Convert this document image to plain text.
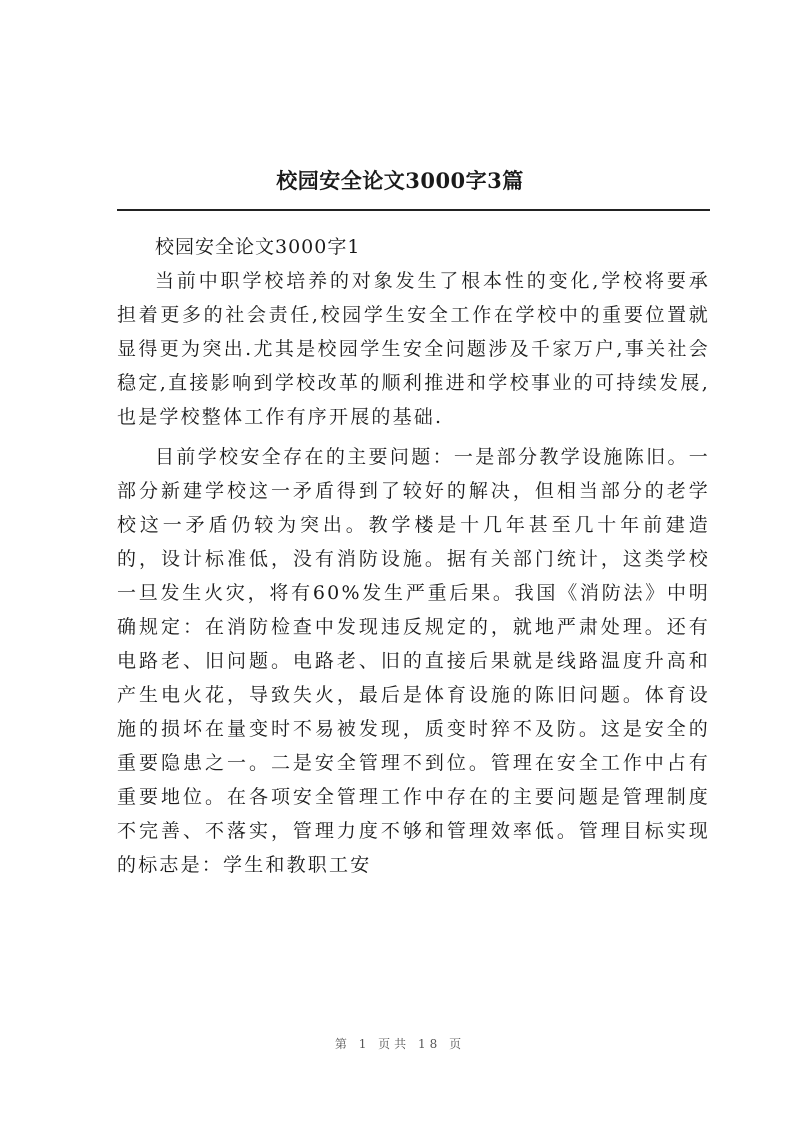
校园安全论文3000字3篇

校园安全论文3000字1

当前中职学校培养的对象发生了根本性的变化,学校将要承担着更多的社会责任,校园学生安全工作在学校中的重要位置就显得更为突出.尤其是校园学生安全问题涉及千家万户,事关社会稳定,直接影响到学校改革的顺利推进和学校事业的可持续发展,也是学校整体工作有序开展的基础.

目前学校安全存在的主要问题：一是部分教学设施陈旧。一部分新建学校这一矛盾得到了较好的解决，但相当部分的老学校这一矛盾仍较为突出。教学楼是十几年甚至几十年前建造的，设计标准低，没有消防设施。据有关部门统计，这类学校一旦发生火灾，将有60%发生严重后果。我国《消防法》中明确规定：在消防检查中发现违反规定的，就地严肃处理。还有电路老、旧问题。电路老、旧的直接后果就是线路温度升高和产生电火花，导致失火，最后是体育设施的陈旧问题。体育设施的损坏在量变时不易被发现，质变时猝不及防。这是安全的重要隐患之一。二是安全管理不到位。管理在安全工作中占有重要地位。在各项安全管理工作中存在的主要问题是管理制度不完善、不落实，管理力度不够和管理效率低。管理目标实现的标志是：学生和教职工安

第 1 页共 18 页
